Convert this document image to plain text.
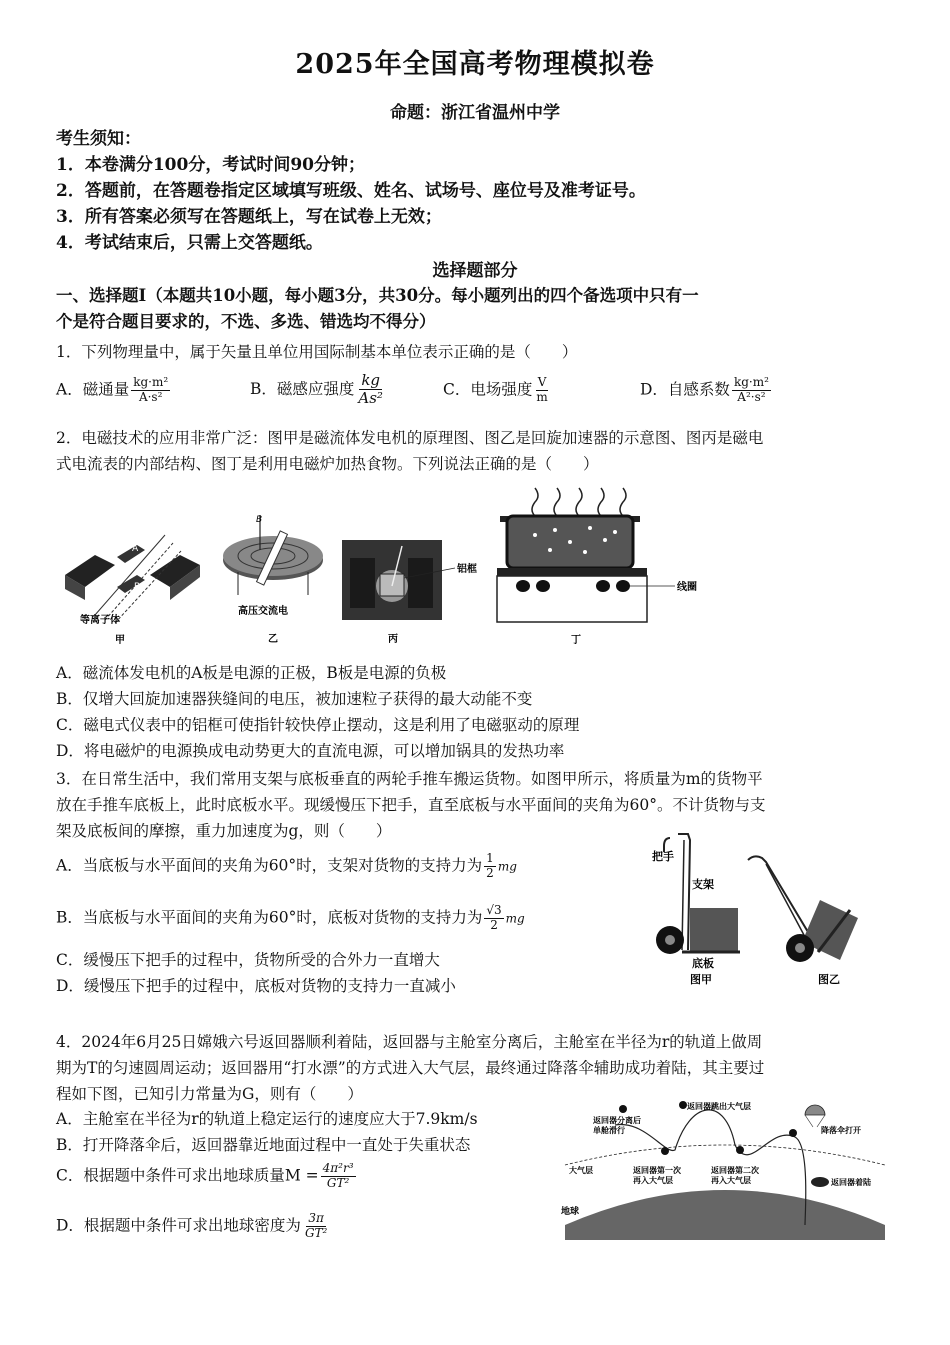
2025年全国高考物理模拟卷
命题：浙江省温州中学
考生须知：
1．本卷满分100分，考试时间90分钟；
2．答题前，在答题卷指定区域填写班级、姓名、试场号、座位号及准考证号。
3．所有答案必须写在答题纸上，写在试卷上无效；
4．考试结束后，只需上交答题纸。
选择题部分
一、选择题Ⅰ（本题共10小题，每小题3分，共30分。每小题列出的四个备选项中只有一
个是符合题目要求的，不选、多选、错选均不得分）
1．下列物理量中，属于矢量且单位用国际制基本单位表示正确的是（　　）
A．磁通量 $\frac{\text{kg·m²}}{\text{A·s²}}$	B．磁感应强度 $\frac{kg}{\text{As²}}$	C．电场强度 $\frac{V}{m}$	D．自感系数 $\frac{\text{kg·m²}}{\text{A²·s²}}$
2．电磁技术的应用非常广泛：图甲是磁流体发电机的原理图、图乙是回旋加速器的示意图、图丙是磁电
式电流表的内部结构、图丁是利用电磁炉加热食物。下列说法正确的是（　　）
A
B
等离子体
甲
B
高压交流电
乙
铝框
丙
线圈
丁
A．磁流体发电机的A板是电源的正极，B板是电源的负极
B．仅增大回旋加速器狭缝间的电压，被加速粒子获得的最大动能不变
C．磁电式仪表中的铝框可使指针较快停止摆动，这是利用了电磁驱动的原理
D．将电磁炉的电源换成电动势更大的直流电源，可以增加锅具的发热功率
3．在日常生活中，我们常用支架与底板垂直的两轮手推车搬运货物。如图甲所示，将质量为m的货物平
放在手推车底板上，此时底板水平。现缓慢压下把手，直至底板与水平面间的夹角为60°。不计货物与支
架及底板间的摩擦，重力加速度为g，则（　　）
A．当底板与水平面间的夹角为60°时，支架对货物的支持力为 $\frac{1}{2}$ mg
B．当底板与水平面间的夹角为60°时，底板对货物的支持力为 $\frac{√3}{2}$ mg
C．缓慢压下把手的过程中，货物所受的合外力一直增大
D．缓慢压下把手的过程中，底板对货物的支持力一直减小
把手
支架
底板
图甲	图乙
4．2024年6月25日嫦娥六号返回器顺利着陆，返回器与主舱室分离后，主舱室在半径为r的轨道上做周
期为T的匀速圆周运动；返回器用“打水漂”的方式进入大气层，最终通过降落伞辅助成功着陆，其主要过
程如下图，已知引力常量为G，则有（　　）
A．主舱室在半径为r的轨道上稳定运行的速度应大于7.9km/s
B．打开降落伞后，返回器靠近地面过程中一直处于失重状态
C．根据题中条件可求出地球质量$M = \frac{\text{4π²r³}}{\text{GT²}}$
D．根据题中条件可求出地球密度为 $\frac{3\pi}{\text{GT²}}$
返回器分离后
单舱滑行
返回器跳出大气层
降落伞打开
大气层	返回器第一次
再入大气层
返回器第二次
再入大气层	返回器着陆
地球
